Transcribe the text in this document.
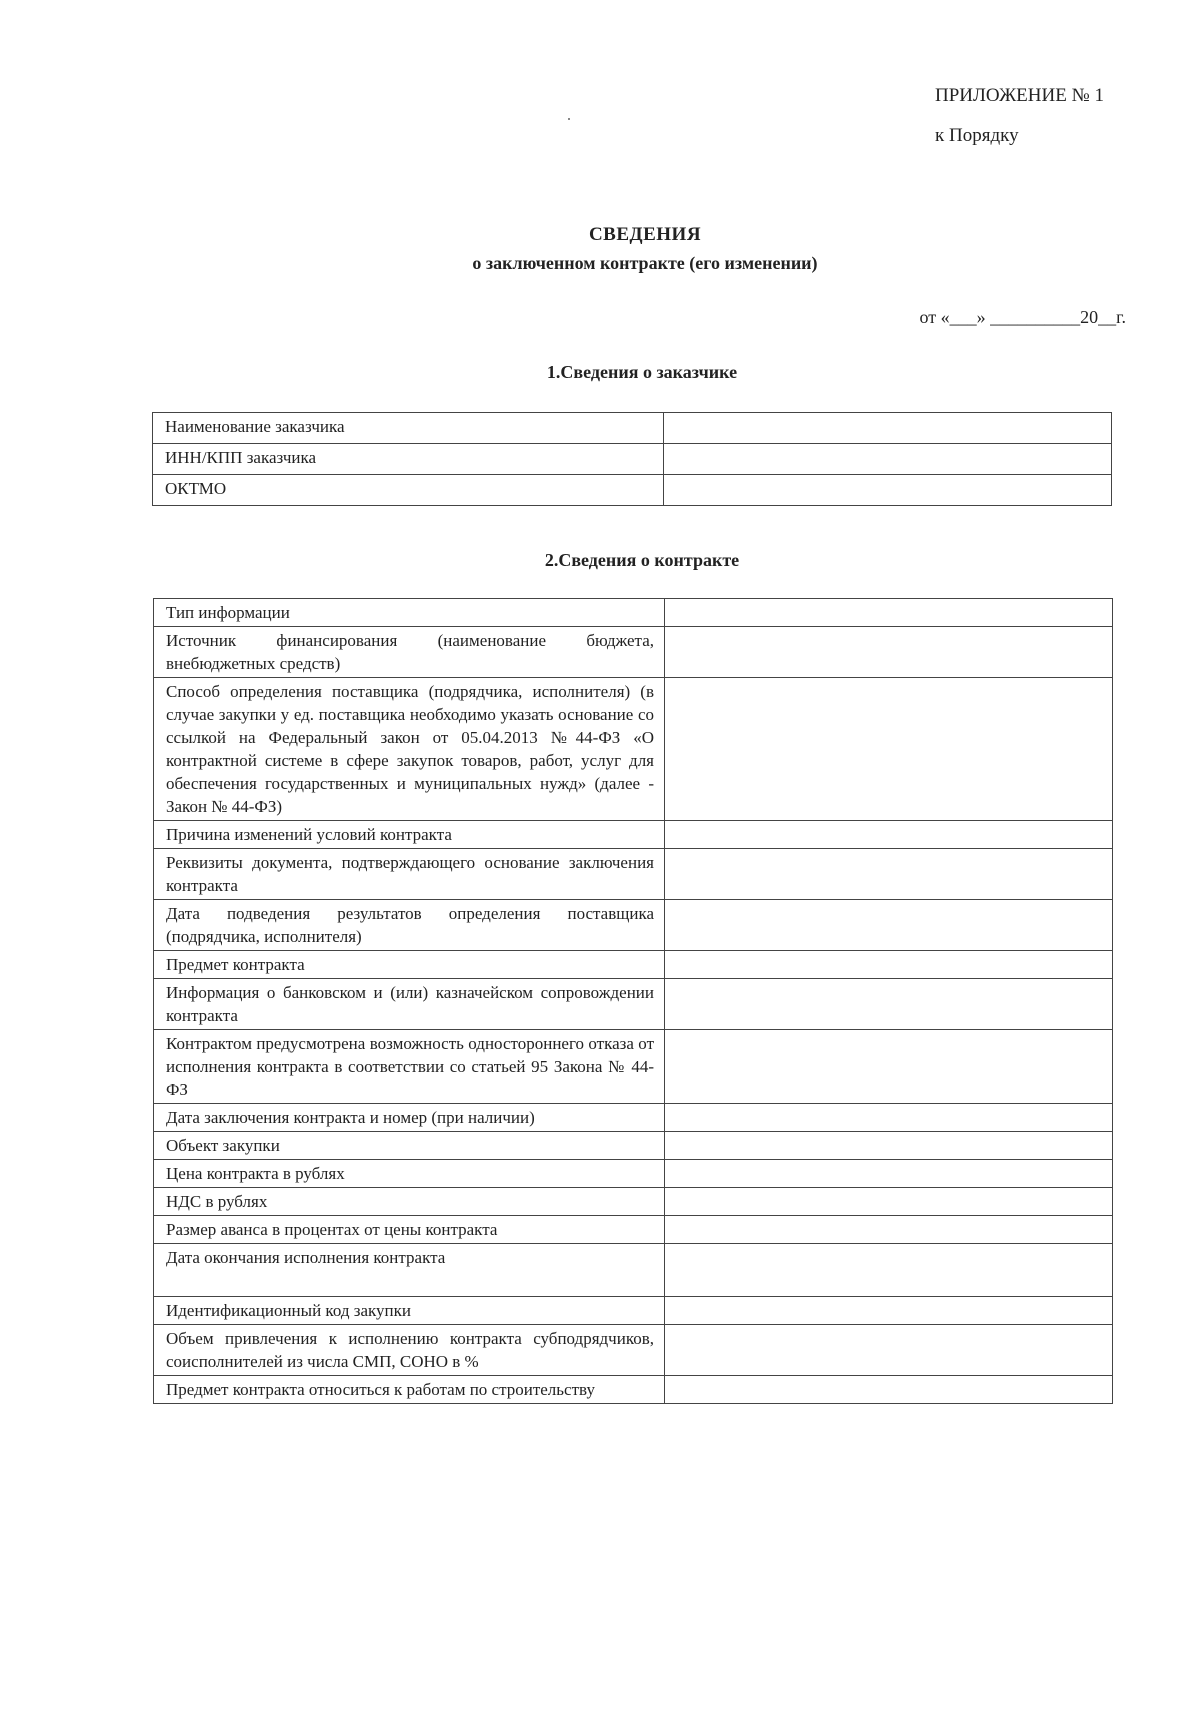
ПРИЛОЖЕНИЕ № 1
к Порядку
СВЕДЕНИЯ
о заключенном контракте (его изменении)
от «___» __________20__г.
1.Сведения о заказчике
Наименование заказчика	
ИНН/КПП заказчика	
ОКТМО	
2.Сведения о контракте
Тип информации	
Источник финансирования (наименование бюджета, внебюджетных средств)	
Способ определения поставщика (подрядчика, исполнителя) (в случае закупки у ед. поставщика необходимо указать основание со ссылкой на Федеральный закон от 05.04.2013 №44-ФЗ «О контрактной системе в сфере закупок товаров, работ, услуг для обеспечения государственных и муниципальных нужд» (далее - Закон № 44-ФЗ)	
Причина изменений условий контракта	
Реквизиты документа, подтверждающего основание заключения контракта	
Дата подведения результатов определения поставщика (подрядчика, исполнителя)	
Предмет контракта	
Информация о банковском и (или) казначейском сопровождении контракта	
Контрактом предусмотрена возможность одностороннего отказа от исполнения контракта в соответствии со статьей 95 Закона № 44-ФЗ	
Дата заключения контракта и номер (при наличии)	
Объект закупки	
Цена контракта в рублях	
НДС в рублях	
Размер аванса в процентах от цены контракта	
Дата окончания исполнения контракта	
Идентификационный код закупки	
Объем привлечения к исполнению контракта субподрядчиков, соисполнителей из числа СМП, СОНО в %	
Предмет контракта относиться к работам по строительству	
